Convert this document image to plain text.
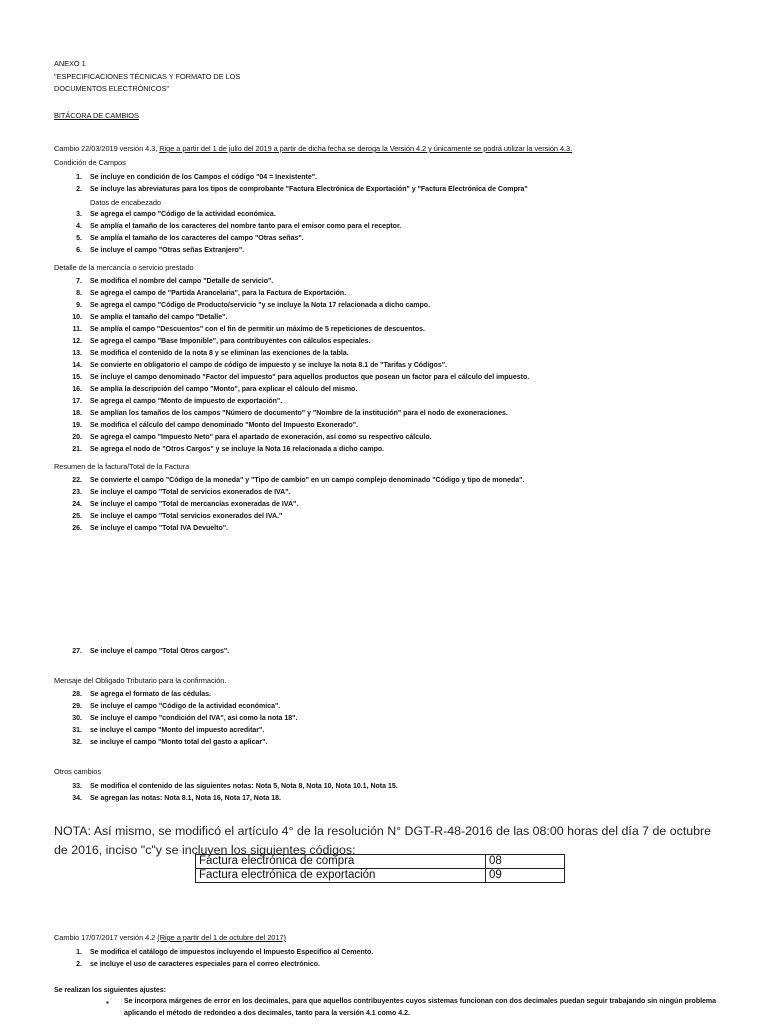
ANEXO 1
"ESPECIFICACIONES TÉCNICAS Y FORMATO DE LOS
DOCUMENTOS ELECTRÓNICOS"
BITÁCORA DE CAMBIOS
Cambio 22/03/2019 versión 4.3, Rige a partir del 1 de julio del 2019 a partir de dicha fecha se deroga la Versión 4.2 y únicamente se podrá utilizar la versión 4.3.
Condición de Campos
1. Se incluye en condición de los Campos el código "04 = Inexistente".
2. Se incluye las abreviaturas para los tipos de comprobante "Factura Electrónica de Exportación" y "Factura Electrónica de Compra"
Datos de encabezado
3. Se agrega el campo "Código de la actividad económica.
4. Se amplía el tamaño de los caracteres del nombre tanto para el emisor como para el receptor.
5. Se amplía el tamaño de los caracteres del campo "Otras señas".
6. Se incluye el campo "Otras señas Extranjero".
Detalle de la mercancía o servicio prestado
7. Se modifica el nombre del campo "Detalle de servicio".
8. Se agrega el campo de "Partida Arancelaria", para la Factura de Exportación.
9. Se agrega el campo "Código de Producto/servicio "y se incluye la Nota 17 relacionada a dicho campo.
10. Se amplía el tamaño del campo "Detalle".
11. Se amplía el campo "Descuentos" con el fin de permitir un máximo de 5 repeticiones de descuentos.
12. Se agrega el campo "Base Imponible", para contribuyentes con cálculos especiales.
13. Se modifica el contenido de la nota 8 y se eliminan las exenciones de la tabla.
14. Se convierte en obligatorio el campo de código de impuesto y se incluye la nota 8.1 de "Tarifas y Códigos".
15. Se incluye el campo denominado "Factor del impuesto" para aquellos productos que posean un factor para el cálculo del impuesto.
16. Se amplía la descripción del campo "Monto", para explicar el cálculo del mismo.
17. Se agrega el campo "Monto de impuesto de exportación".
18. Se amplían los tamaños de los campos "Número de documento" y "Nombre de la institución" para el nodo de exoneraciones.
19. Se modifica el cálculo del campo denominado "Monto del Impuesto Exonerado".
20. Se agrega el campo "Impuesto Neto" para el apartado de exoneración, así como su respectivo cálculo.
21. Se agrega el nodo de "Otros Cargos" y se incluye la Nota 16 relacionada a dicho campo.
Resumen de la factura/Total de la Factura
22. Se convierte el campo "Código de la moneda" y "Tipo de cambio" en un campo complejo denominado "Código y tipo de moneda".
23. Se incluye el campo "Total de servicios exonerados de IVA".
24. Se incluye el campo "Total de mercancías exoneradas de IVA".
25. Se incluye el campo "Total servicios exonerados del IVA."
26. Se incluye el campo "Total IVA Devuelto".
27. Se incluye el campo "Total Otros cargos".
Mensaje del Obligado Tributario para la confirmación.
28. Se agrega el formato de las cédulas.
29. Se incluye el campo "Código de la actividad económica".
30. Se incluye el campo "condición del IVA", así como la nota 18".
31. se incluye el campo "Monto del impuesto acreditar".
32. se incluye el campo "Monto total del gasto a aplicar".
Otros cambios
33. Se modifica el contenido de las siguientes notas: Nota 5, Nota 8, Nota 10, Nota 10.1, Nota 15.
34. Se agregan las notas: Nota 8.1, Nota 16, Nota 17, Nota 18.
NOTA: Así mismo, se modificó el artículo 4° de la resolución N° DGT-R-48-2016 de las 08:00 horas del día 7 de octubre de 2016, inciso "c"y se incluyen los siguientes códigos:
Factura electrónica de compra	08
Factura electrónica de exportación	09
Cambio 17/07/2017 versión 4.2 (Rige a partir del 1 de octubre del 2017)
1. Se modifica el catálogo de impuestos incluyendo el Impuesto Específico al Cemento.
2. se incluye el uso de caracteres especiales para el correo electrónico.
Se realizan los siguientes ajustes:
▪ Se incorpora márgenes de error en los decimales, para que aquellos contribuyentes cuyos sistemas funcionan con dos decimales puedan seguir trabajando sin ningún problema
aplicando el método de redondeo a dos decimales, tanto para la versión 4.1 como 4.2.
